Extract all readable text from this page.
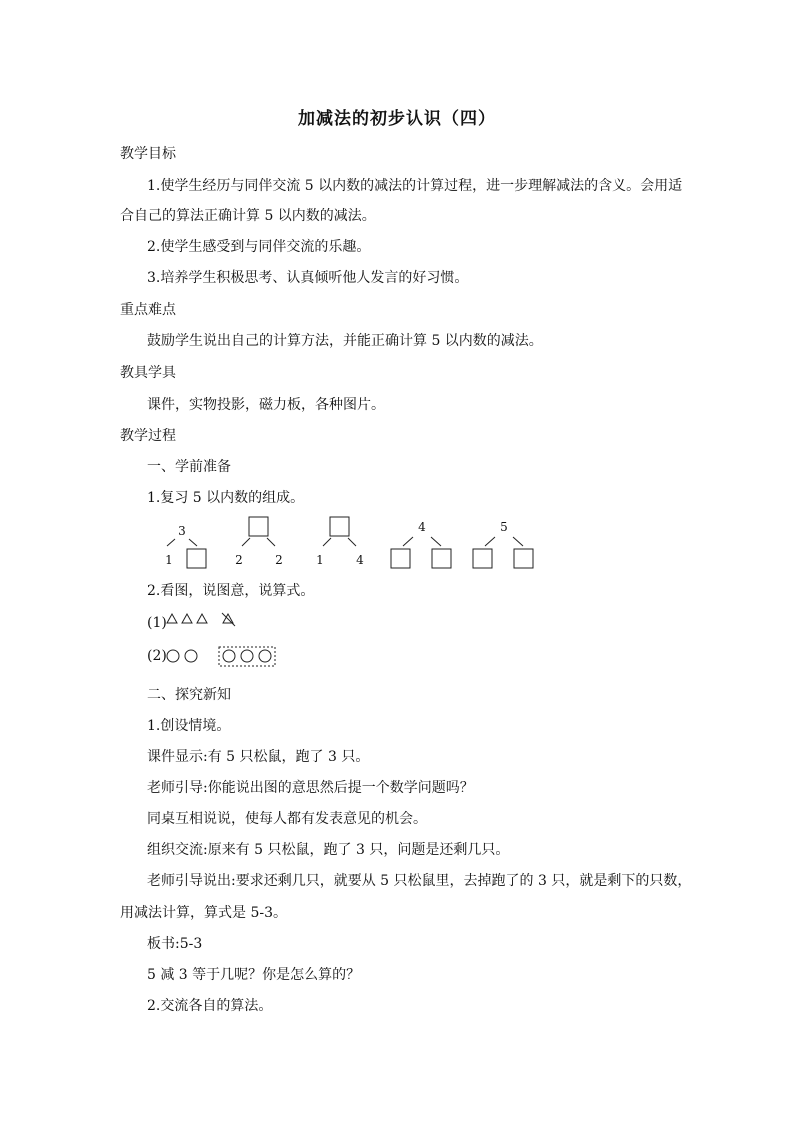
加减法的初步认识（四）
教学目标
1.使学生经历与同伴交流 5 以内数的减法的计算过程，进一步理解减法的含义。会用适
合自己的算法正确计算 5 以内数的减法。
2.使学生感受到与同伴交流的乐趣。
3.培养学生积极思考、认真倾听他人发言的好习惯。
重点难点
鼓励学生说出自己的计算方法，并能正确计算 5 以内数的减法。
教具学具
课件，实物投影，磁力板，各种图片。
教学过程
一、学前准备
1.复习 5 以内数的组成。
3
1	2	2	1	4
4	5
2.看图，说图意，说算式。
(1)
(2)
二、探究新知
1.创设情境。
课件显示:有 5 只松鼠，跑了 3 只。
老师引导:你能说出图的意思然后提一个数学问题吗？
同桌互相说说，使每人都有发表意见的机会。
组织交流:原来有 5 只松鼠，跑了 3 只，问题是还剩几只。
老师引导说出:要求还剩几只，就要从 5 只松鼠里，去掉跑了的 3 只，就是剩下的只数，
用减法计算，算式是 5-3。
板书:5-3
5 减 3 等于几呢？你是怎么算的？
2.交流各自的算法。
